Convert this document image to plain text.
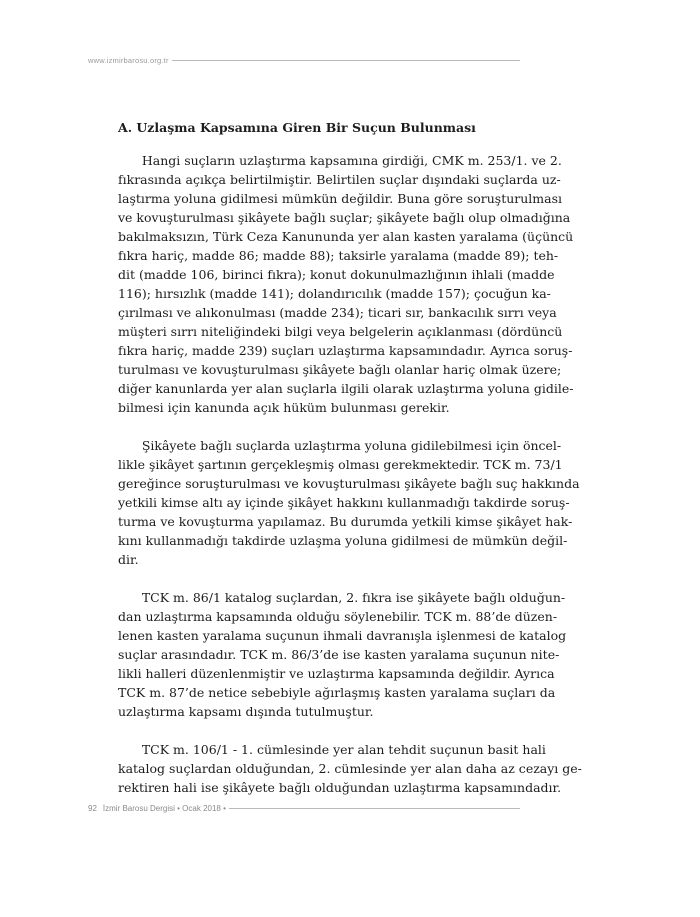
www.izmirbarosu.org.tr
A. Uzlaşma Kapsamına Giren Bir Suçun Bulunması
Hangi suçların uzlaştırma kapsamına girdiği, CMK m. 253/1. ve 2.
fıkrasında açıkça belirtilmiştir. Belirtilen suçlar dışındaki suçlarda uz-
laştırma yoluna gidilmesi mümkün değildir. Buna göre soruşturulması
ve kovuşturulması şikâyete bağlı suçlar; şikâyete bağlı olup olmadığına
bakılmaksızın, Türk Ceza Kanununda yer alan kasten yaralama (üçüncü
fıkra hariç, madde 86; madde 88); taksirle yaralama (madde 89); teh-
dit (madde 106, birinci fıkra); konut dokunulmazlığının ihlali (madde
116); hırsızlık (madde 141); dolandırıcılık (madde 157); çocuğun ka-
çırılması ve alıkonulması (madde 234); ticari sır, bankacılık sırrı veya
müşteri sırrı niteliğindeki bilgi veya belgelerin açıklanması (dördüncü
fıkra hariç, madde 239) suçları uzlaştırma kapsamındadır. Ayrıca soruş-
turulması ve kovuşturulması şikâyete bağlı olanlar hariç olmak üzere;
diğer kanunlarda yer alan suçlarla ilgili olarak uzlaştırma yoluna gidile-
bilmesi için kanunda açık hüküm bulunması gerekir.
Şikâyete bağlı suçlarda uzlaştırma yoluna gidilebilmesi için öncel-
likle şikâyet şartının gerçekleşmiş olması gerekmektedir. TCK m. 73/1
gereğince soruşturulması ve kovuşturulması şikâyete bağlı suç hakkında
yetkili kimse altı ay içinde şikâyet hakkını kullanmadığı takdirde soruş-
turma ve kovuşturma yapılamaz. Bu durumda yetkili kimse şikâyet hak-
kını kullanmadığı takdirde uzlaşma yoluna gidilmesi de mümkün değil-
dir.
TCK m. 86/1 katalog suçlardan, 2. fıkra ise şikâyete bağlı olduğun-
dan uzlaştırma kapsamında olduğu söylenebilir. TCK m. 88’de düzen-
lenen kasten yaralama suçunun ihmali davranışla işlenmesi de katalog
suçlar arasındadır. TCK m. 86/3’de ise kasten yaralama suçunun nite-
likli halleri düzenlenmiştir ve uzlaştırma kapsamında değildir. Ayrıca
TCK m. 87’de netice sebebiyle ağırlaşmış kasten yaralama suçları da
uzlaştırma kapsamı dışında tutulmuştur.
TCK m. 106/1 - 1. cümlesinde yer alan tehdit suçunun basit hali
katalog suçlardan olduğundan, 2. cümlesinde yer alan daha az cezayı ge-
rektiren hali ise şikâyete bağlı olduğundan uzlaştırma kapsamındadır.
92 İzmir Barosu Dergisi • Ocak 2018 •
